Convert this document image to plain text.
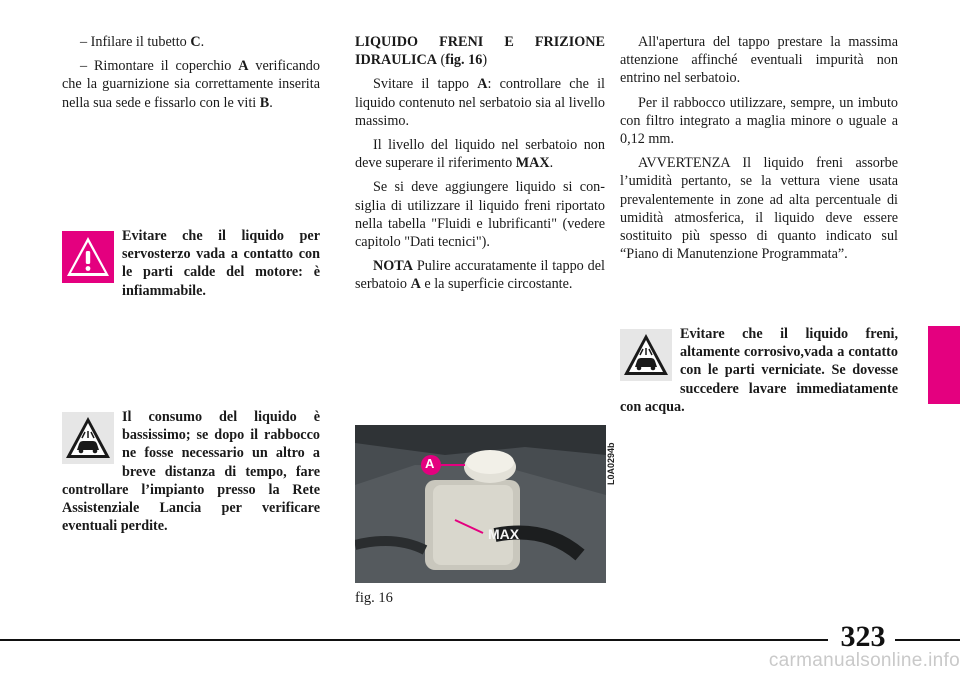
– Infilare il tubetto C.

– Rimontare il coperchio A verificando che la guarnizione sia correttamente inserita nella sua sede e fissarlo con le viti B.

Evitare che il liquido per servosterzo vada a contatto con le parti calde del motore: è infiammabile.
Il consumo del liquido è bassissimo; se dopo il rabbocco ne fosse necessario un altro a breve distanza di tempo, fare controllare l’impianto presso la Rete Assistenziale Lancia per verificare eventuali perdite.

LIQUIDO FRENI E FRIZIONE IDRAULICA (fig. 16)

Svitare il tappo A: controllare che il liquido contenuto nel serbatoio sia al livello massimo.

Il livello del liquido nel serbatoio non deve superare il riferimento MAX.

Se si deve aggiungere liquido si consiglia di utilizzare il liquido freni riportato nella tabella "Fluidi e lubrificanti" (vedere capitolo "Dati tecnici").

NOTA Pulire accuratamente il tappo del serbatoio A e la superficie circostante.

A
MAX
L0A0294b
fig. 16

All'apertura del tappo prestare la massima attenzione affinché eventuali impurità non entrino nel serbatoio.

Per il rabbocco utilizzare, sempre, un imbuto con filtro integrato a maglia minore o uguale a 0,12 mm.

AVVERTENZA Il liquido freni assorbe l’umidità pertanto, se la vettura viene usata prevalentemente in zone ad alta percentuale di umidità atmosferica, il liquido deve essere sostituito più spesso di quanto indicato sul “Piano di Manutenzione Programmata”.

Evitare che il liquido freni, altamente corrosivo,vada a contatto con le parti verniciate. Se dovesse succedere lavare immediatamente con acqua.
323
carmanualsonline.info
